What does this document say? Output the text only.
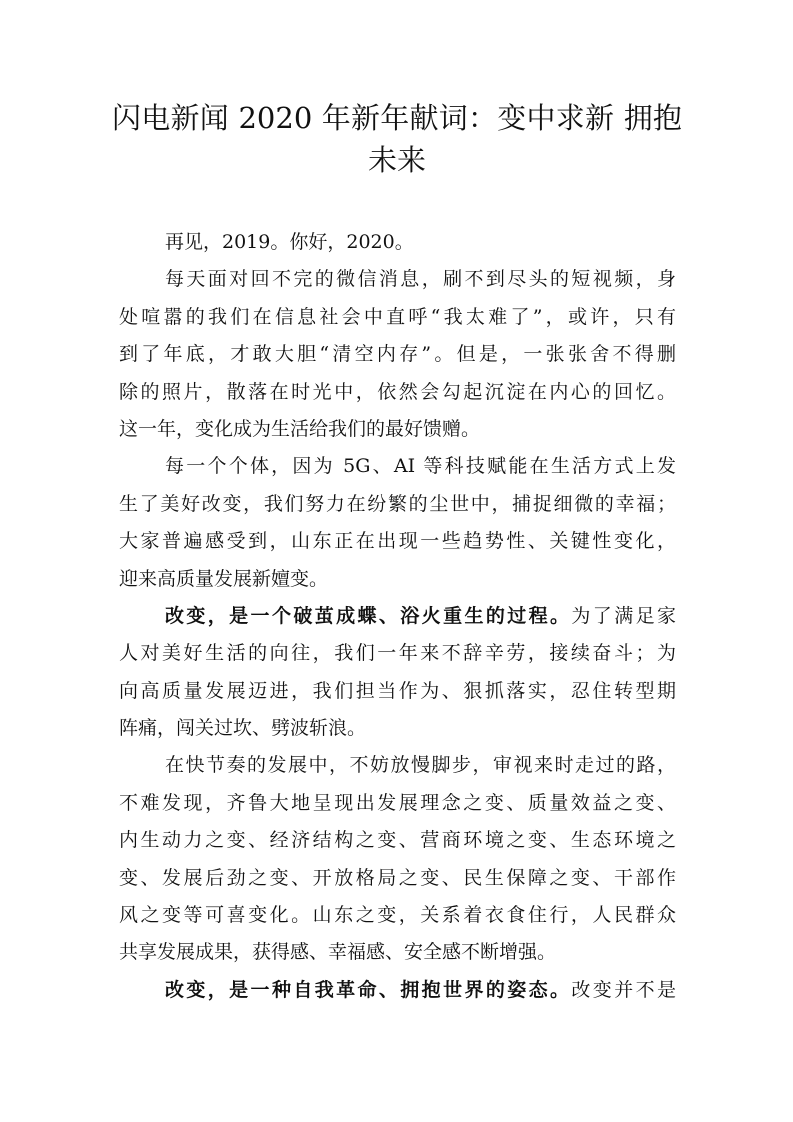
闪电新闻 2020 年新年献词：变中求新 拥抱
未来
再见，2019。你好，2020。
每天面对回不完的微信消息，刷不到尽头的短视频，身
处喧嚣的我们在信息社会中直呼“我太难了”，或许，只有
到了年底，才敢大胆“清空内存”。但是，一张张舍不得删
除的照片，散落在时光中，依然会勾起沉淀在内心的回忆。
这一年，变化成为生活给我们的最好馈赠。
每一个个体，因为 5G、AI 等科技赋能在生活方式上发
生了美好改变，我们努力在纷繁的尘世中，捕捉细微的幸福；
大家普遍感受到，山东正在出现一些趋势性、关键性变化，
迎来高质量发展新嬗变。
改变，是一个破茧成蝶、浴火重生的过程。为了满足家
人对美好生活的向往，我们一年来不辞辛劳，接续奋斗；为
向高质量发展迈进，我们担当作为、狠抓落实，忍住转型期
阵痛，闯关过坎、劈波斩浪。
在快节奏的发展中，不妨放慢脚步，审视来时走过的路，
不难发现，齐鲁大地呈现出发展理念之变、质量效益之变、
内生动力之变、经济结构之变、营商环境之变、生态环境之
变、发展后劲之变、开放格局之变、民生保障之变、干部作
风之变等可喜变化。山东之变，关系着衣食住行，人民群众
共享发展成果，获得感、幸福感、安全感不断增强。
改变，是一种自我革命、拥抱世界的姿态。改变并不是
